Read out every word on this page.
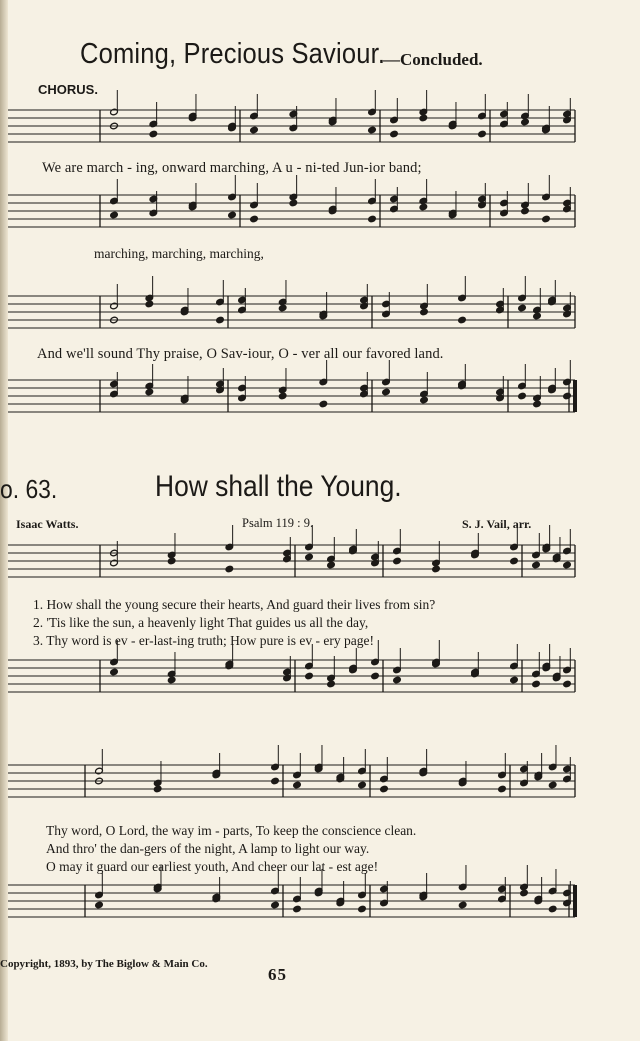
Coming, Precious Saviour.
—Concluded.
CHORUS.
We are march - ing, onward marching, A u - ni-ted Jun-ior band;
marching, marching, marching,
And we'll sound Thy praise, O Sav-iour, O - ver all our favored land.
o. 63.	How shall the Young.
Isaac Watts.	Psalm 119 : 9.	S. J. Vail, arr.
1. How shall the young secure their hearts, And guard their lives from sin?
2. 'Tis like the sun, a heavenly light That guides us all the day,
3. Thy word is ev - er-last-ing truth; How pure is ev - ery page!
Thy word, O Lord, the way im - parts, To keep the conscience clean.
And thro' the dan-gers of the night, A lamp to light our way.
O may it guard our earliest youth, And cheer our lat - est age!
Copyright, 1893, by The Biglow & Main Co.
65
